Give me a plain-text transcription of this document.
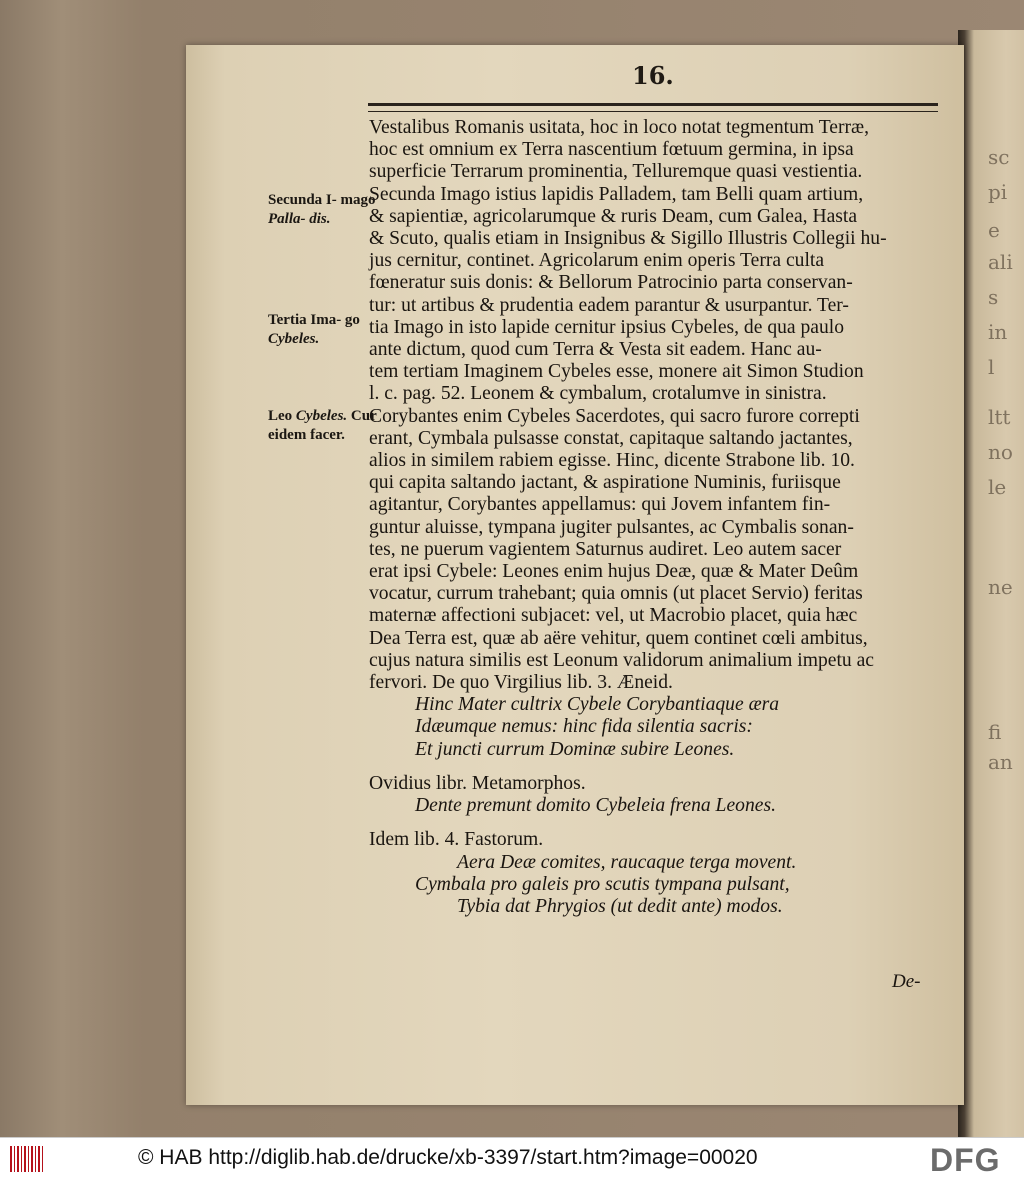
sc
pi
e
ali
s
in
l
ltt
no
le
ne
fi
an
16.
Secunda I- mago Palla- dis.
Tertia Ima- go Cybeles.
Leo Cybeles. Cur eidem facer.

Vestalibus Romanis usitata, hoc in loco notat tegmentum Terræ,

hoc est omnium ex Terra nascentium fœtuum germina, in ipsa

superficie Terrarum prominentia, Telluremque quasi vestientia.

Secunda Imago istius lapidis Palladem, tam Belli quam artium,

& sapientiæ, agricolarumque & ruris Deam, cum Galea, Hasta

& Scuto, qualis etiam in Insignibus & Sigillo Illustris Collegii hu-

jus cernitur, continet. Agricolarum enim operis Terra culta

fœneratur suis donis: & Bellorum Patrocinio parta conservan-

tur: ut artibus & prudentia eadem parantur & usurpantur. Ter-

tia Imago in isto lapide cernitur ipsius Cybeles, de qua paulo

ante dictum, quod cum Terra & Vesta sit eadem. Hanc au-

tem tertiam Imaginem Cybeles esse, monere ait Simon Studion

l. c. pag. 52. Leonem & cymbalum, crotalumve in sinistra.

Corybantes enim Cybeles Sacerdotes, qui sacro furore correpti

erant, Cymbala pulsasse constat, capitaque saltando jactantes,

alios in similem rabiem egisse. Hinc, dicente Strabone lib. 10.

qui capita saltando jactant, & aspiratione Numinis, furiisque

agitantur, Corybantes appellamus: qui Jovem infantem fin-

guntur aluisse, tympana jugiter pulsantes, ac Cymbalis sonan-

tes, ne puerum vagientem Saturnus audiret. Leo autem sacer

erat ipsi Cybele: Leones enim hujus Deæ, quæ & Mater Deûm

vocatur, currum trahebant; quia omnis (ut placet Servio) feritas

maternæ affectioni subjacet: vel, ut Macrobio placet, quia hæc

Dea Terra est, quæ ab aëre vehitur, quem continet cœli ambitus,

cujus natura similis est Leonum validorum animalium impetu ac

fervori. De quo Virgilius lib. 3. Æneid.

Hinc Mater cultrix Cybele Corybantiaque æra

Idæumque nemus: hinc fida silentia sacris:

Et juncti currum Dominæ subire Leones.

Ovidius libr. Metamorphos.

Dente premunt domito Cybeleia frena Leones.

Idem lib. 4. Fastorum.

Aera Deæ comites, raucaque terga movent.

Cymbala pro galeis pro scutis tympana pulsant,

Tybia dat Phrygios (ut dedit ante) modos.

De-
© HAB http://diglib.hab.de/drucke/xb-3397/start.htm?image=00020	DFG
